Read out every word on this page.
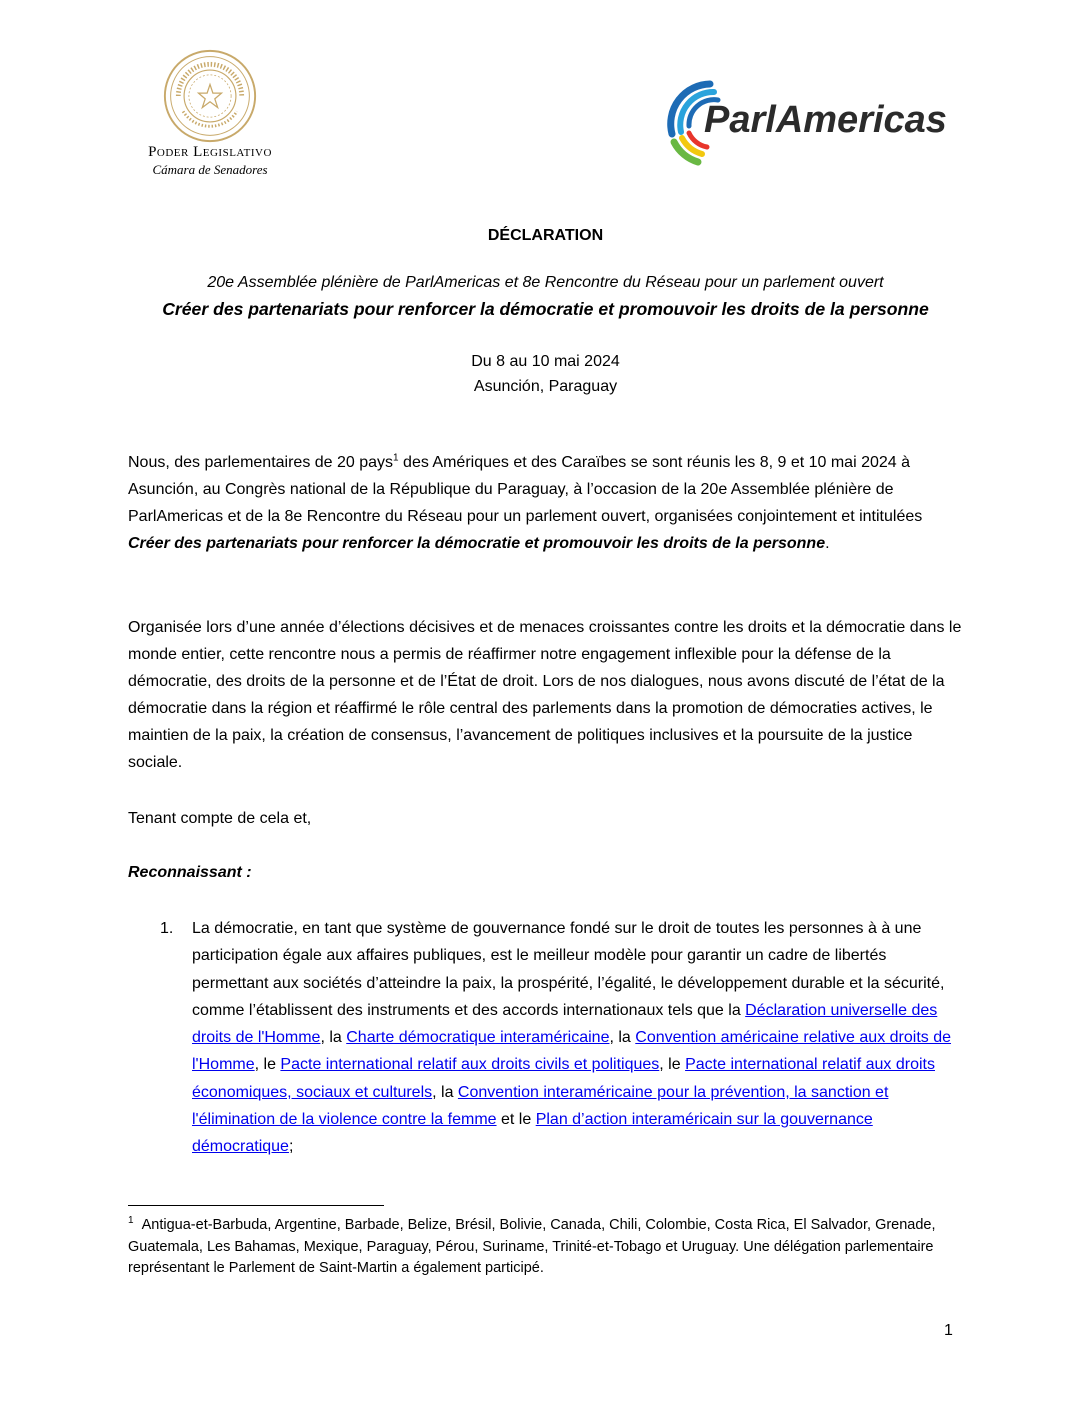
Poder Legislativo
Cámara de Senadores
ParlAmericas
DÉCLARATION
20e Assemblée plénière de ParlAmericas et 8e Rencontre du Réseau pour un parlement ouvert
Créer des partenariats pour renforcer la démocratie et promouvoir les droits de la personne
Du 8 au 10 mai 2024
Asunción, Paraguay
Nous, des parlementaires de 20 pays$^1$ des Amériques et des Caraïbes se sont réunis les 8, 9 et 10 mai 2024 à Asunción, au Congrès national de la République du Paraguay, à l’occasion de la 20e Assemblée plénière de ParlAmericas et de la 8e Rencontre du Réseau pour un parlement ouvert, organisées conjointement et intitulées Créer des partenariats pour renforcer la démocratie et promouvoir les droits de la personne.
Organisée lors d’une année d’élections décisives et de menaces croissantes contre les droits et la démocratie dans le monde entier, cette rencontre nous a permis de réaffirmer notre engagement inflexible pour la défense de la démocratie, des droits de la personne et de l’État de droit. Lors de nos dialogues, nous avons discuté de l’état de la démocratie dans la région et réaffirmé le rôle central des parlements dans la promotion de démocraties actives, le maintien de la paix, la création de consensus, l’avancement de politiques inclusives et la poursuite de la justice sociale.
Tenant compte de cela et,
Reconnaissant :
1. La démocratie, en tant que système de gouvernance fondé sur le droit de toutes les personnes à à une participation égale aux affaires publiques, est le meilleur modèle pour garantir un cadre de libertés permettant aux sociétés d’atteindre la paix, la prospérité, l’égalité, le développement durable et la sécurité, comme l’établissent des instruments et des accords internationaux tels que la Déclaration universelle des droits de l'Homme, la Charte démocratique interaméricaine, la Convention américaine relative aux droits de l'Homme, le Pacte international relatif aux droits civils et politiques, le Pacte international relatif aux droits économiques, sociaux et culturels, la Convention interaméricaine pour la prévention, la sanction et l'élimination de la violence contre la femme et le Plan d’action interaméricain sur la gouvernance démocratique;
$^1$ Antigua-et-Barbuda, Argentine, Barbade, Belize, Brésil, Bolivie, Canada, Chili, Colombie, Costa Rica, El Salvador, Grenade, Guatemala, Les Bahamas, Mexique, Paraguay, Pérou, Suriname, Trinité-et-Tobago et Uruguay. Une délégation parlementaire représentant le Parlement de Saint-Martin a également participé.
1
